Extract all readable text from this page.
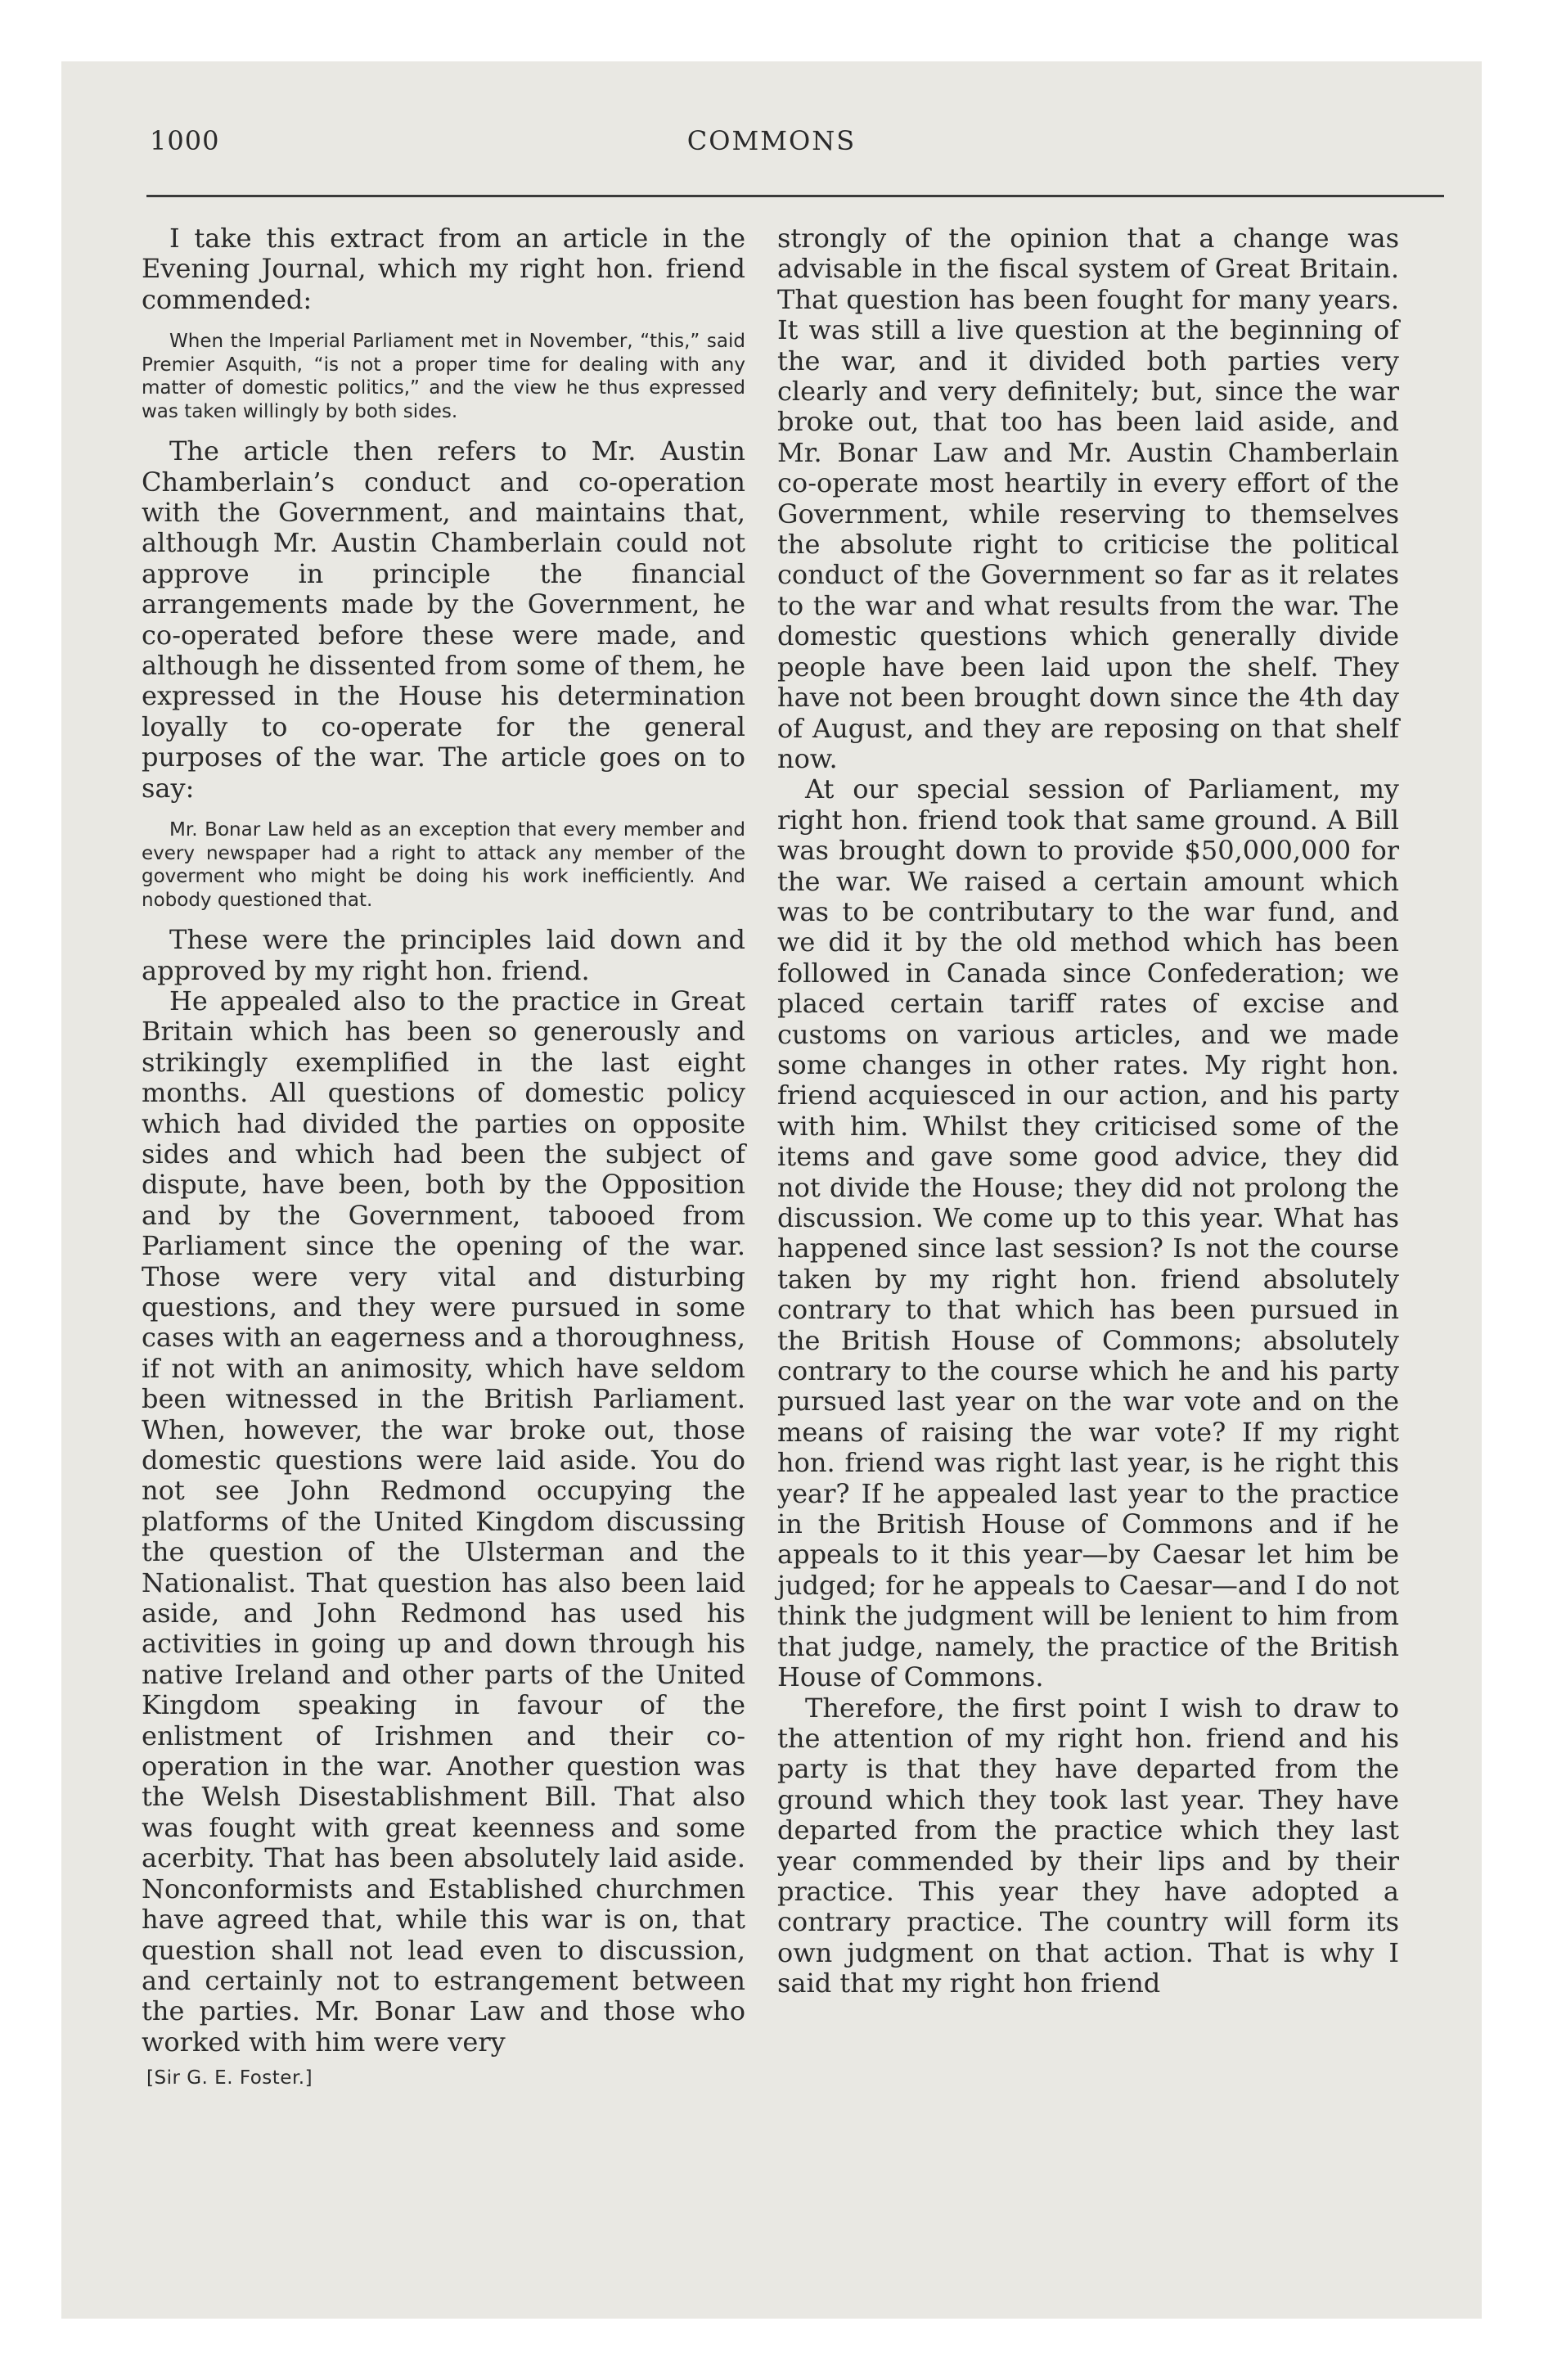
1000	COMMONS

I take this extract from an article in the Evening Journal, which my right hon. friend commended:

When the Imperial Parliament met in November, “this,” said Premier Asquith, “is not a proper time for dealing with any matter of domestic politics,” and the view he thus expressed was taken willingly by both sides.

The article then refers to Mr. Austin Chamberlain’s conduct and co-operation with the Government, and maintains that, although Mr. Austin Chamberlain could not approve in principle the financial arrangements made by the Government, he co-operated before these were made, and although he dissented from some of them, he expressed in the House his determination loyally to co-operate for the general purposes of the war. The article goes on to say:

Mr. Bonar Law held as an exception that every member and every newspaper had a right to attack any member of the goverment who might be doing his work inefficiently. And nobody questioned that.

These were the principles laid down and approved by my right hon. friend.

He appealed also to the practice in Great Britain which has been so generously and strikingly exemplified in the last eight months. All questions of domestic policy which had divided the parties on opposite sides and which had been the subject of dispute, have been, both by the Opposition and by the Government, tabooed from Parliament since the opening of the war. Those were very vital and disturbing questions, and they were pursued in some cases with an eagerness and a thoroughness, if not with an animosity, which have seldom been witnessed in the British Parliament. When, however, the war broke out, those domestic questions were laid aside. You do not see John Redmond occupying the platforms of the United Kingdom discussing the question of the Ulsterman and the Nationalist. That question has also been laid aside, and John Redmond has used his activities in going up and down through his native Ireland and other parts of the United Kingdom speaking in favour of the enlistment of Irishmen and their co-operation in the war. Another question was the Welsh Disestablishment Bill. That also was fought with great keenness and some acerbity. That has been absolutely laid aside. Nonconformists and Established churchmen have agreed that, while this war is on, that question shall not lead even to discussion, and certainly not to estrangement between the parties. Mr. Bonar Law and those who worked with him were very

[Sir G. E. Foster.]

strongly of the opinion that a change was advisable in the fiscal system of Great Britain. That question has been fought for many years. It was still a live question at the beginning of the war, and it divided both parties very clearly and very definitely; but, since the war broke out, that too has been laid aside, and Mr. Bonar Law and Mr. Austin Chamberlain co-operate most heartily in every effort of the Government, while reserving to themselves the absolute right to criticise the political conduct of the Government so far as it relates to the war and what results from the war. The domestic questions which generally divide people have been laid upon the shelf. They have not been brought down since the 4th day of August, and they are reposing on that shelf now.

At our special session of Parliament, my right hon. friend took that same ground. A Bill was brought down to provide $50,000,000 for the war. We raised a certain amount which was to be contributary to the war fund, and we did it by the old method which has been followed in Canada since Confederation; we placed certain tariff rates of excise and customs on various articles, and we made some changes in other rates. My right hon. friend acquiesced in our action, and his party with him. Whilst they criticised some of the items and gave some good advice, they did not divide the House; they did not prolong the discussion. We come up to this year. What has happened since last session? Is not the course taken by my right hon. friend absolutely contrary to that which has been pursued in the British House of Commons; absolutely contrary to the course which he and his party pursued last year on the war vote and on the means of raising the war vote? If my right hon. friend was right last year, is he right this year? If he appealed last year to the practice in the British House of Commons and if he appeals to it this year—by Caesar let him be judged; for he appeals to Caesar—and I do not think the judgment will be lenient to him from that judge, namely, the practice of the British House of Commons.

Therefore, the first point I wish to draw to the attention of my right hon. friend and his party is that they have departed from the ground which they took last year. They have departed from the practice which they last year commended by their lips and by their practice. This year they have adopted a contrary practice. The country will form its own judgment on that action. That is why I said that my right hon friend
